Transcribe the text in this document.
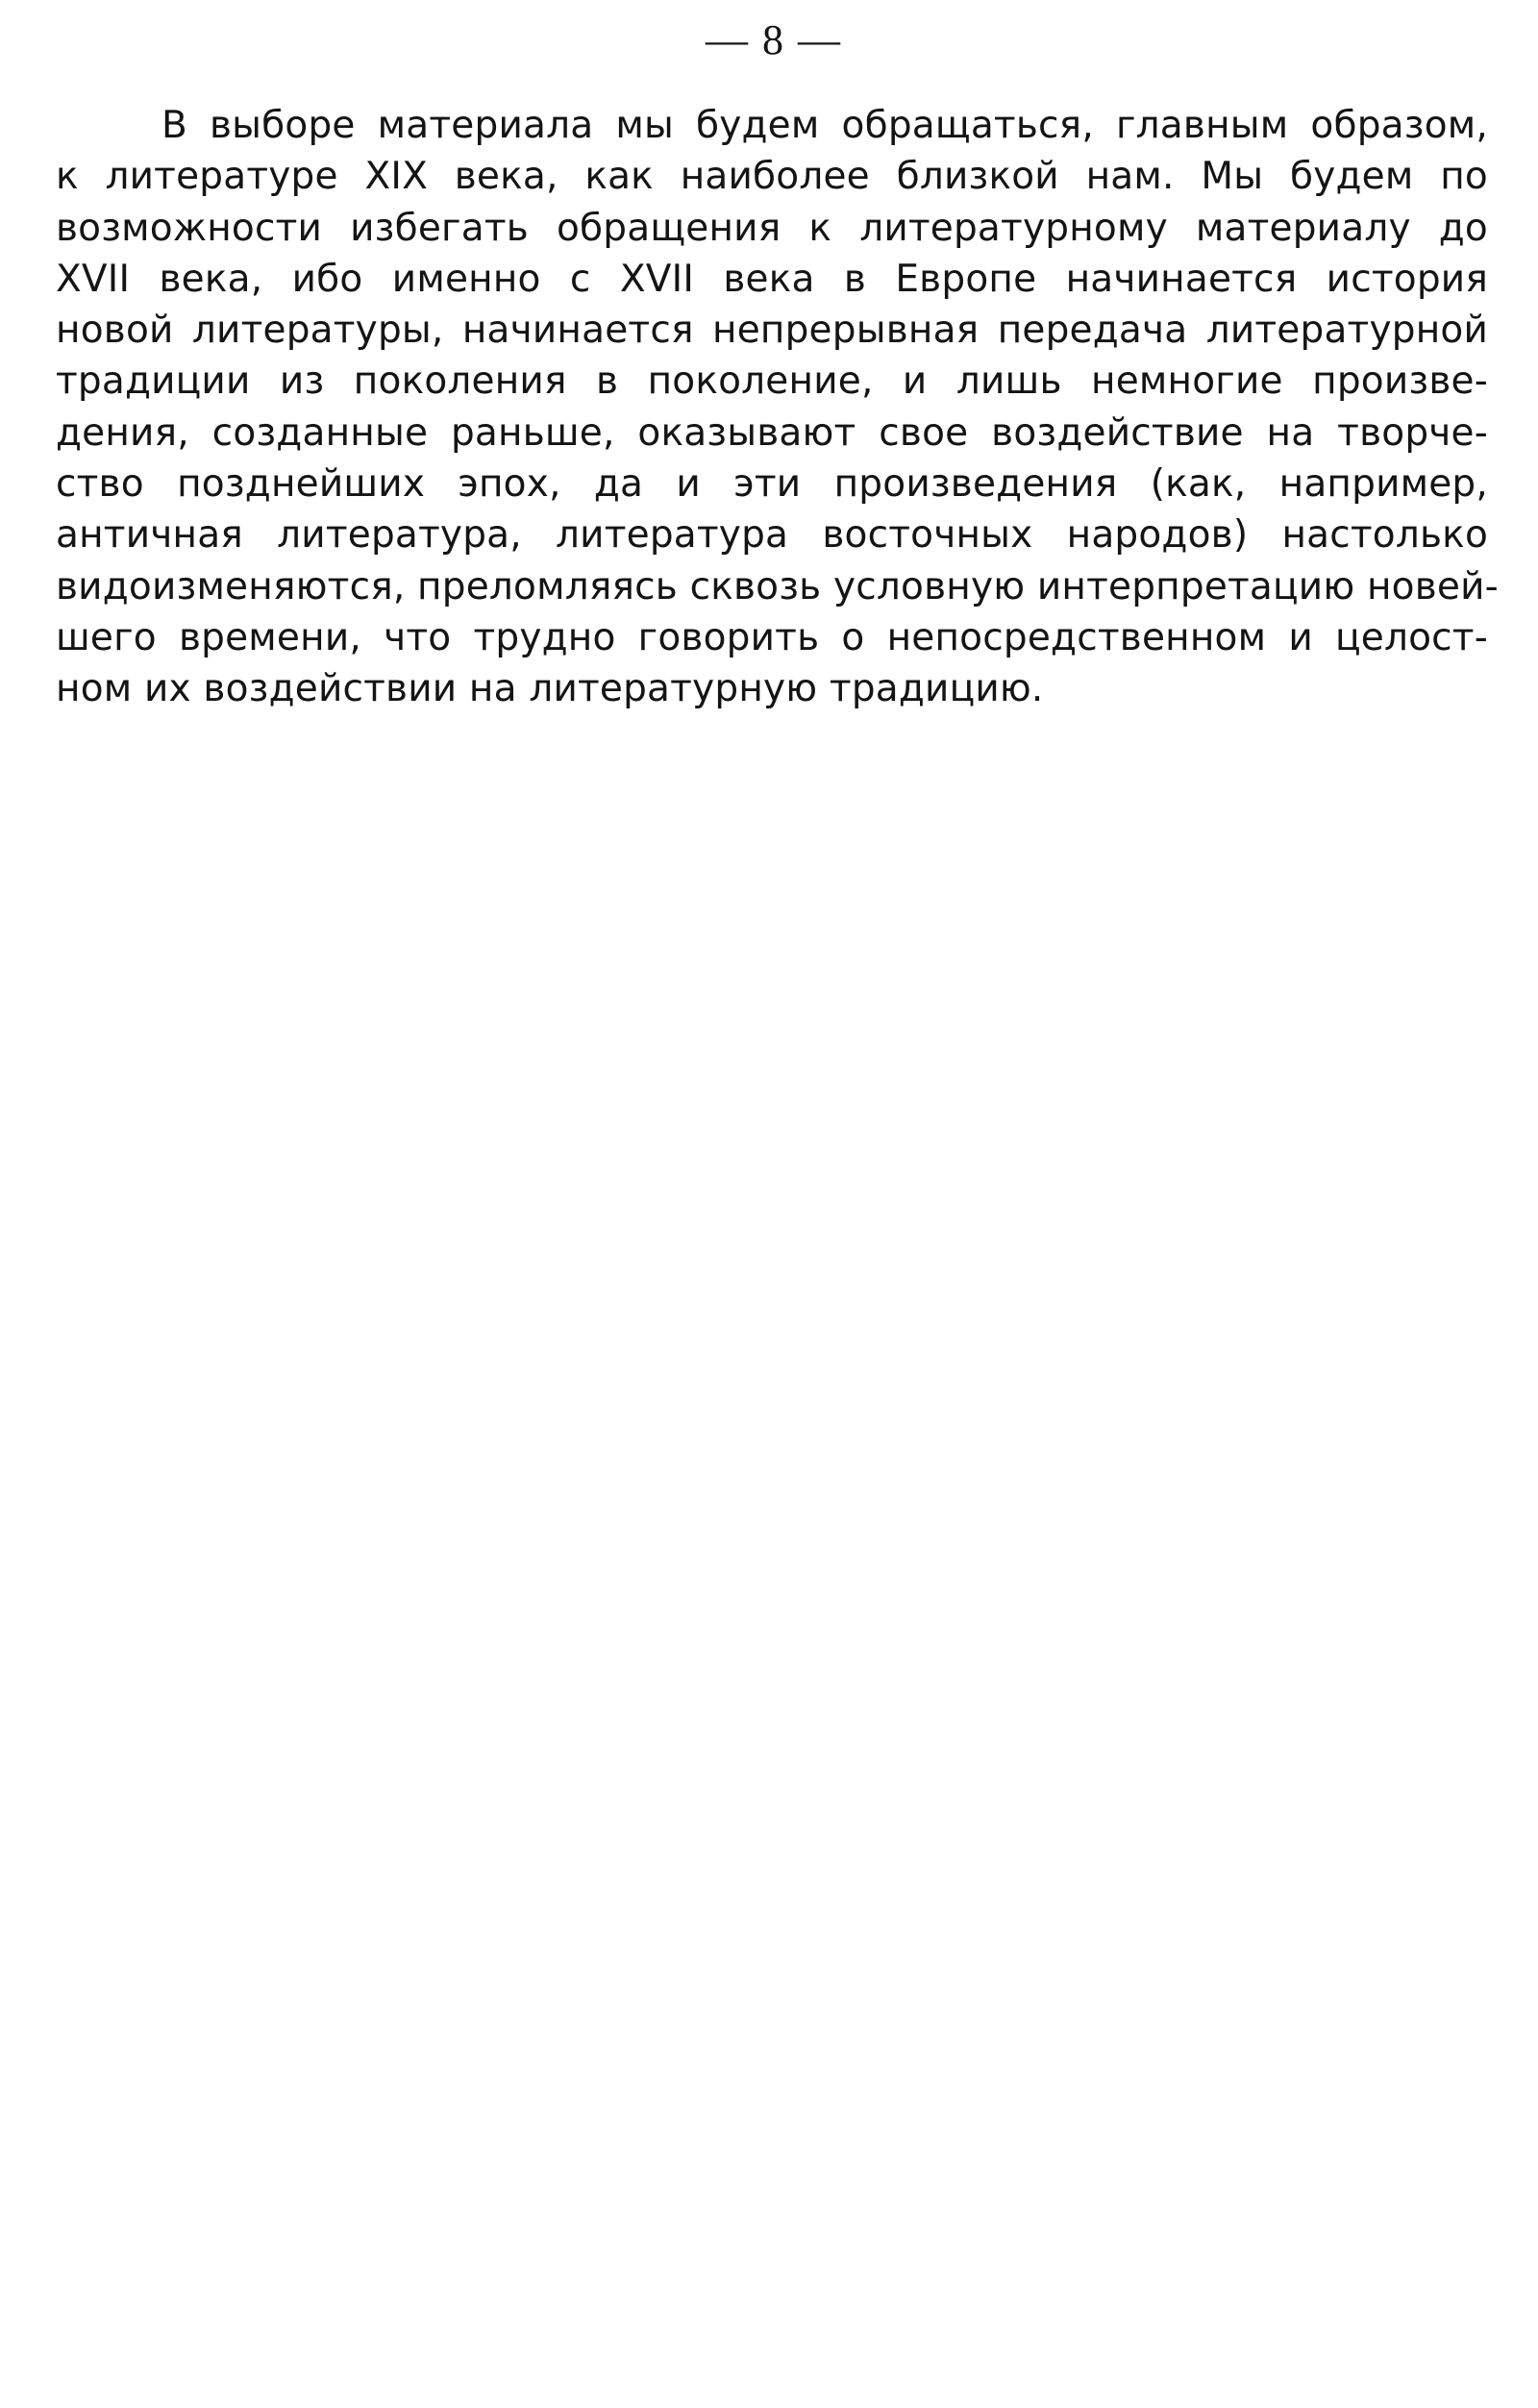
— 8 —
В выборе материала мы будем обращаться, главным образом,
к литературе XIX века, как наиболее близкой нам. Мы будем по
возможности избегать обращения к литературному материалу до
XVII века, ибо именно с XVII века в Европе начинается история
новой литературы, начинается непрерывная передача литературной
традиции из поколения в поколение, и лишь немногие произве-
дения, созданные раньше, оказывают свое воздействие на творче-
ство позднейших эпох, да и эти произведения (как, например,
античная литература, литература восточных народов) настолько
видоизменяются, преломляясь сквозь условную интерпретацию новей-
шего времени, что трудно говорить о непосредственном и целост-
ном их воздействии на литературную традицию.
